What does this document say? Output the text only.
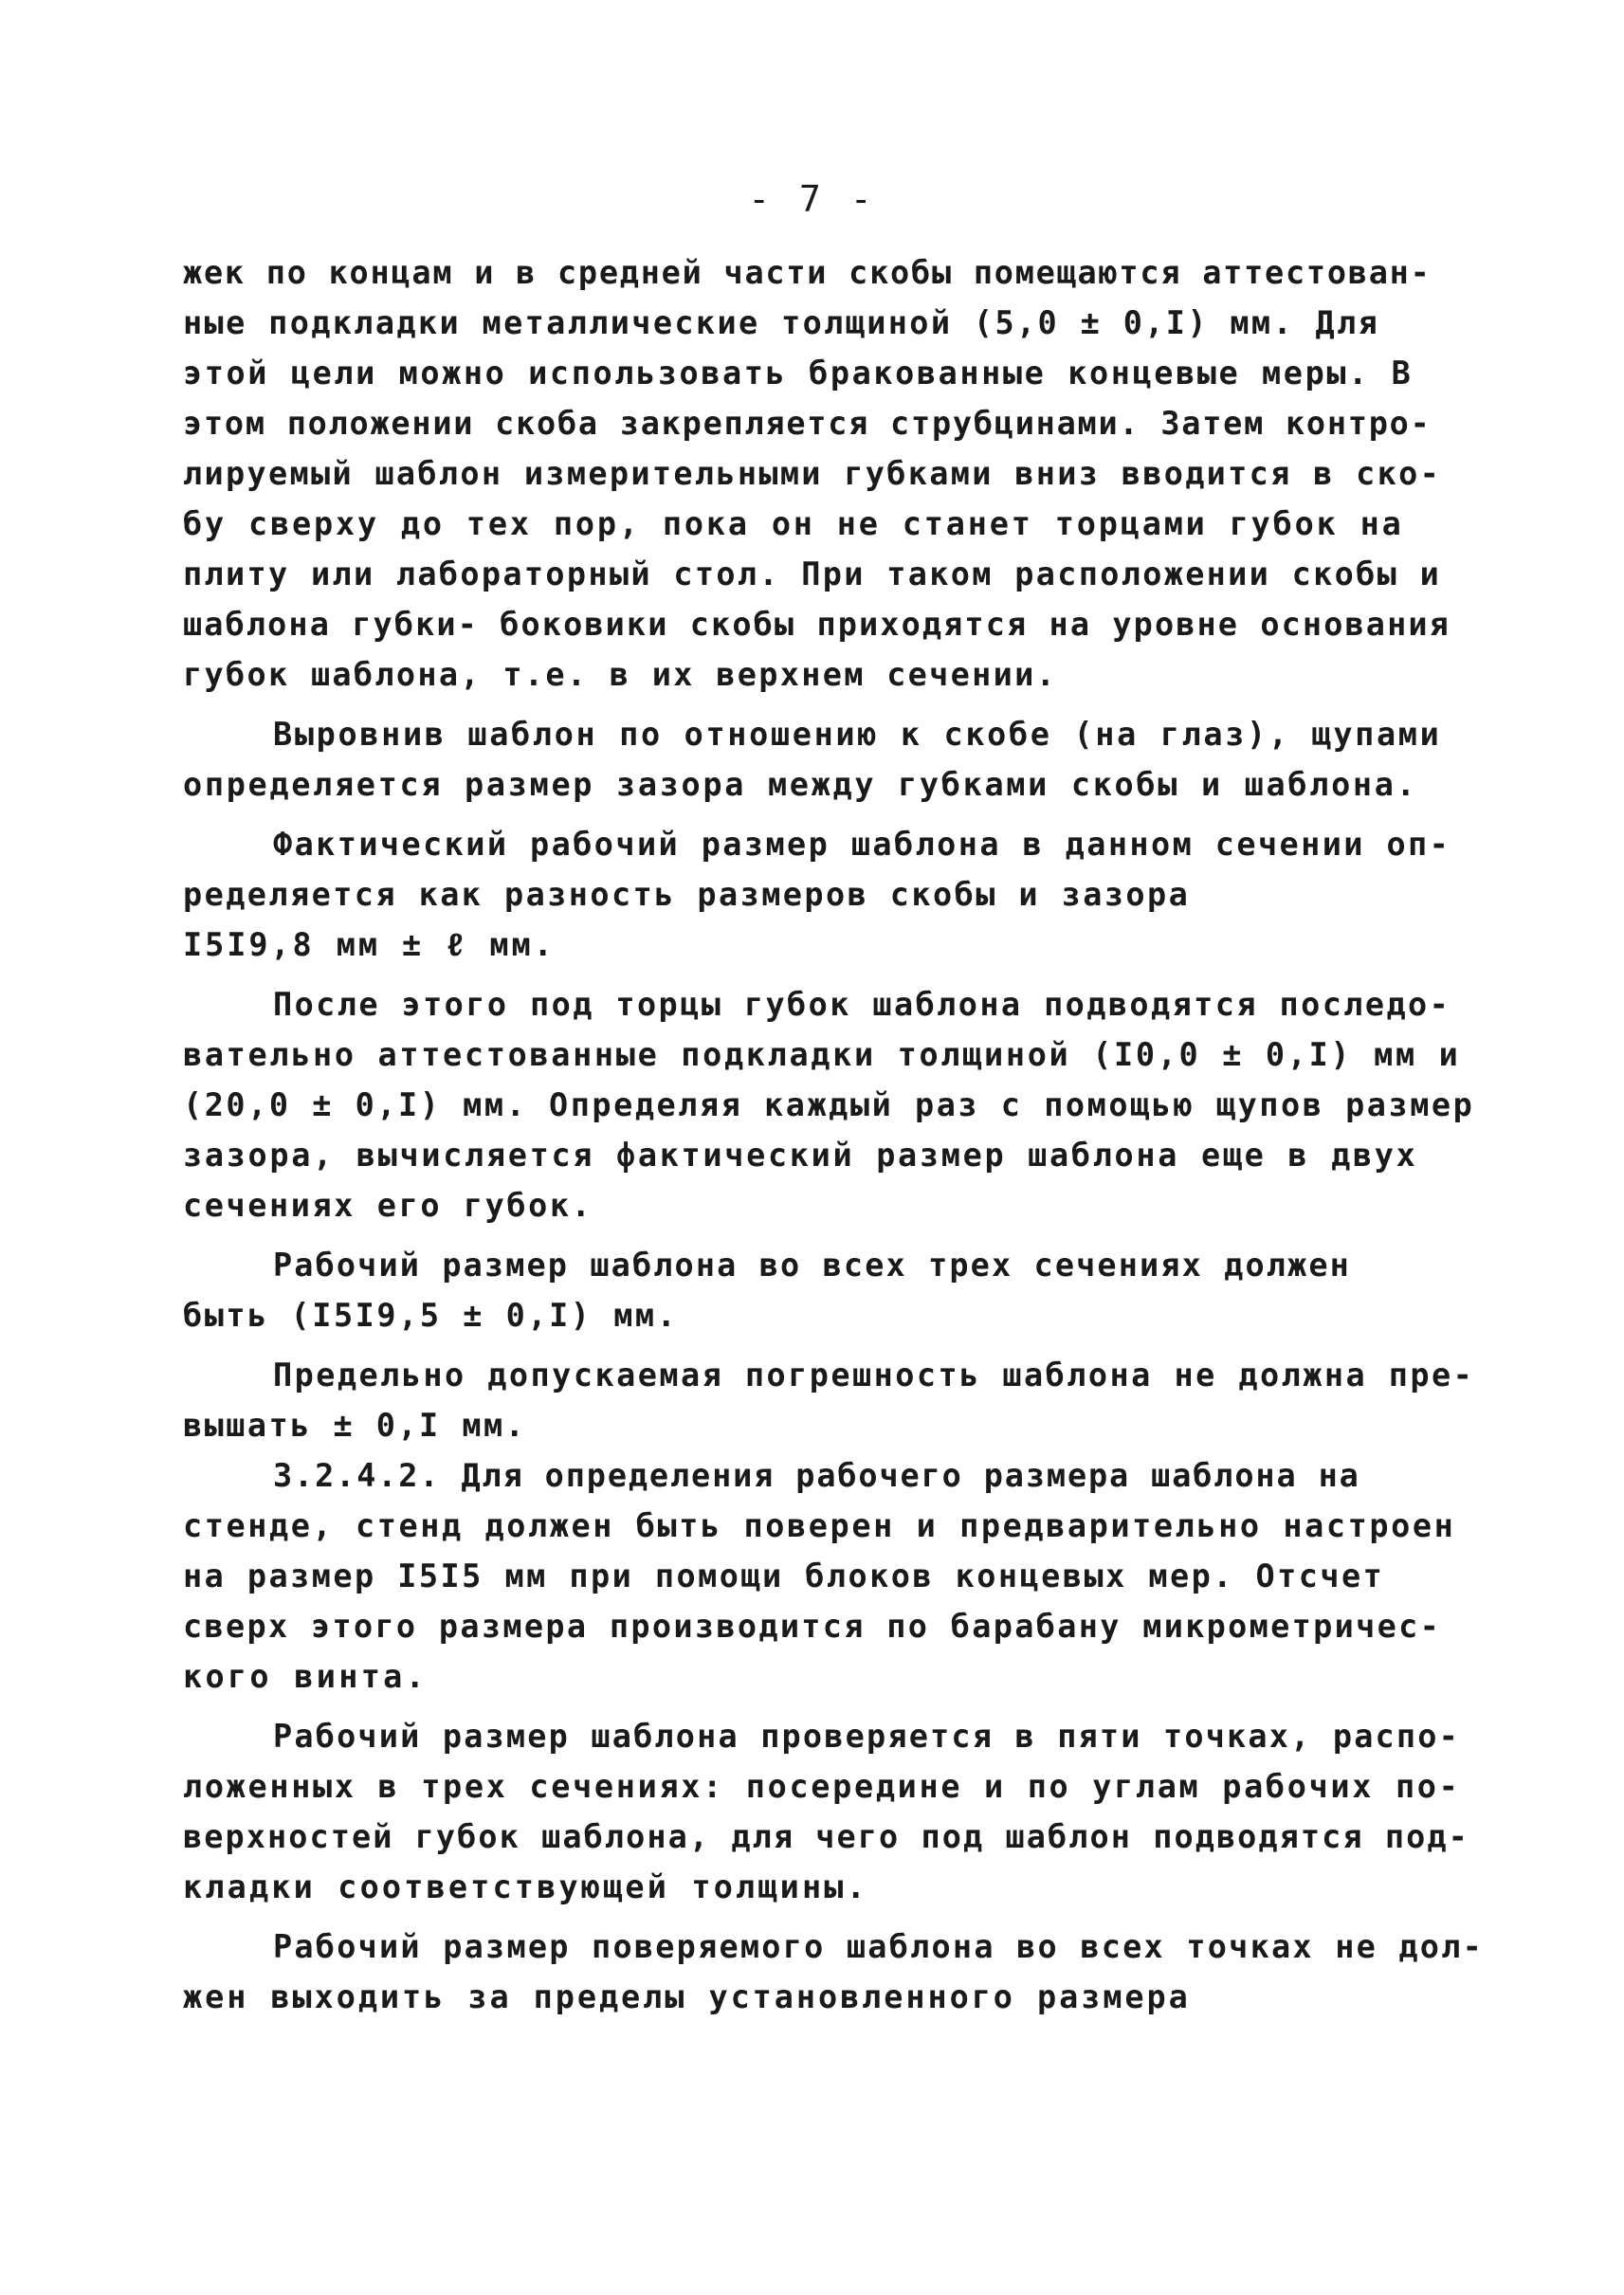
- 7 -

жек по концам и в средней части скобы помещаются аттестован-

ные подкладки металлические толщиной (5,0 ± 0,I) мм. Для

этой цели можно использовать бракованные концевые меры. В

этом положении скоба закрепляется струбцинами. Затем контро-

лируемый шаблон измерительными губками вниз вводится в ско-

бу сверху до тех пор, пока он не станет торцами губок на

плиту или лабораторный стол. При таком расположении скобы и

шаблона губки- боковики скобы приходятся на уровне основания

губок шаблона, т.е. в их верхнем сечении.

Выровнив шаблон по отношению к скобе (на глаз), щупами

определяется размер зазора между губками скобы и шаблона.

Фактический рабочий размер шаблона в данном сечении оп-

ределяется как разность размеров скобы и зазора

I5I9,8 мм ± ℓ мм.

После этого под торцы губок шаблона подводятся последо-

вательно аттестованные подкладки толщиной (I0,0 ± 0,I) мм и

(20,0 ± 0,I) мм. Определяя каждый раз с помощью щупов размер

зазора, вычисляется фактический размер шаблона еще в двух

сечениях его губок.

Рабочий размер шаблона во всех трех сечениях должен

быть (I5I9,5 ± 0,I) мм.

Предельно допускаемая погрешность шаблона не должна пре-

вышать ± 0,I мм.

3.2.4.2. Для определения рабочего размера шаблона на

стенде, стенд должен быть поверен и предварительно настроен

на размер I5I5 мм при помощи блоков концевых мер. Отсчет

сверх этого размера производится по барабану микрометричес-

кого винта.

Рабочий размер шаблона проверяется в пяти точках, распо-

ложенных в трех сечениях: посередине и по углам рабочих по-

верхностей губок шаблона, для чего под шаблон подводятся под-

кладки соответствующей толщины.

Рабочий размер поверяемого шаблона во всех точках не дол-

жен выходить за пределы установленного размера
